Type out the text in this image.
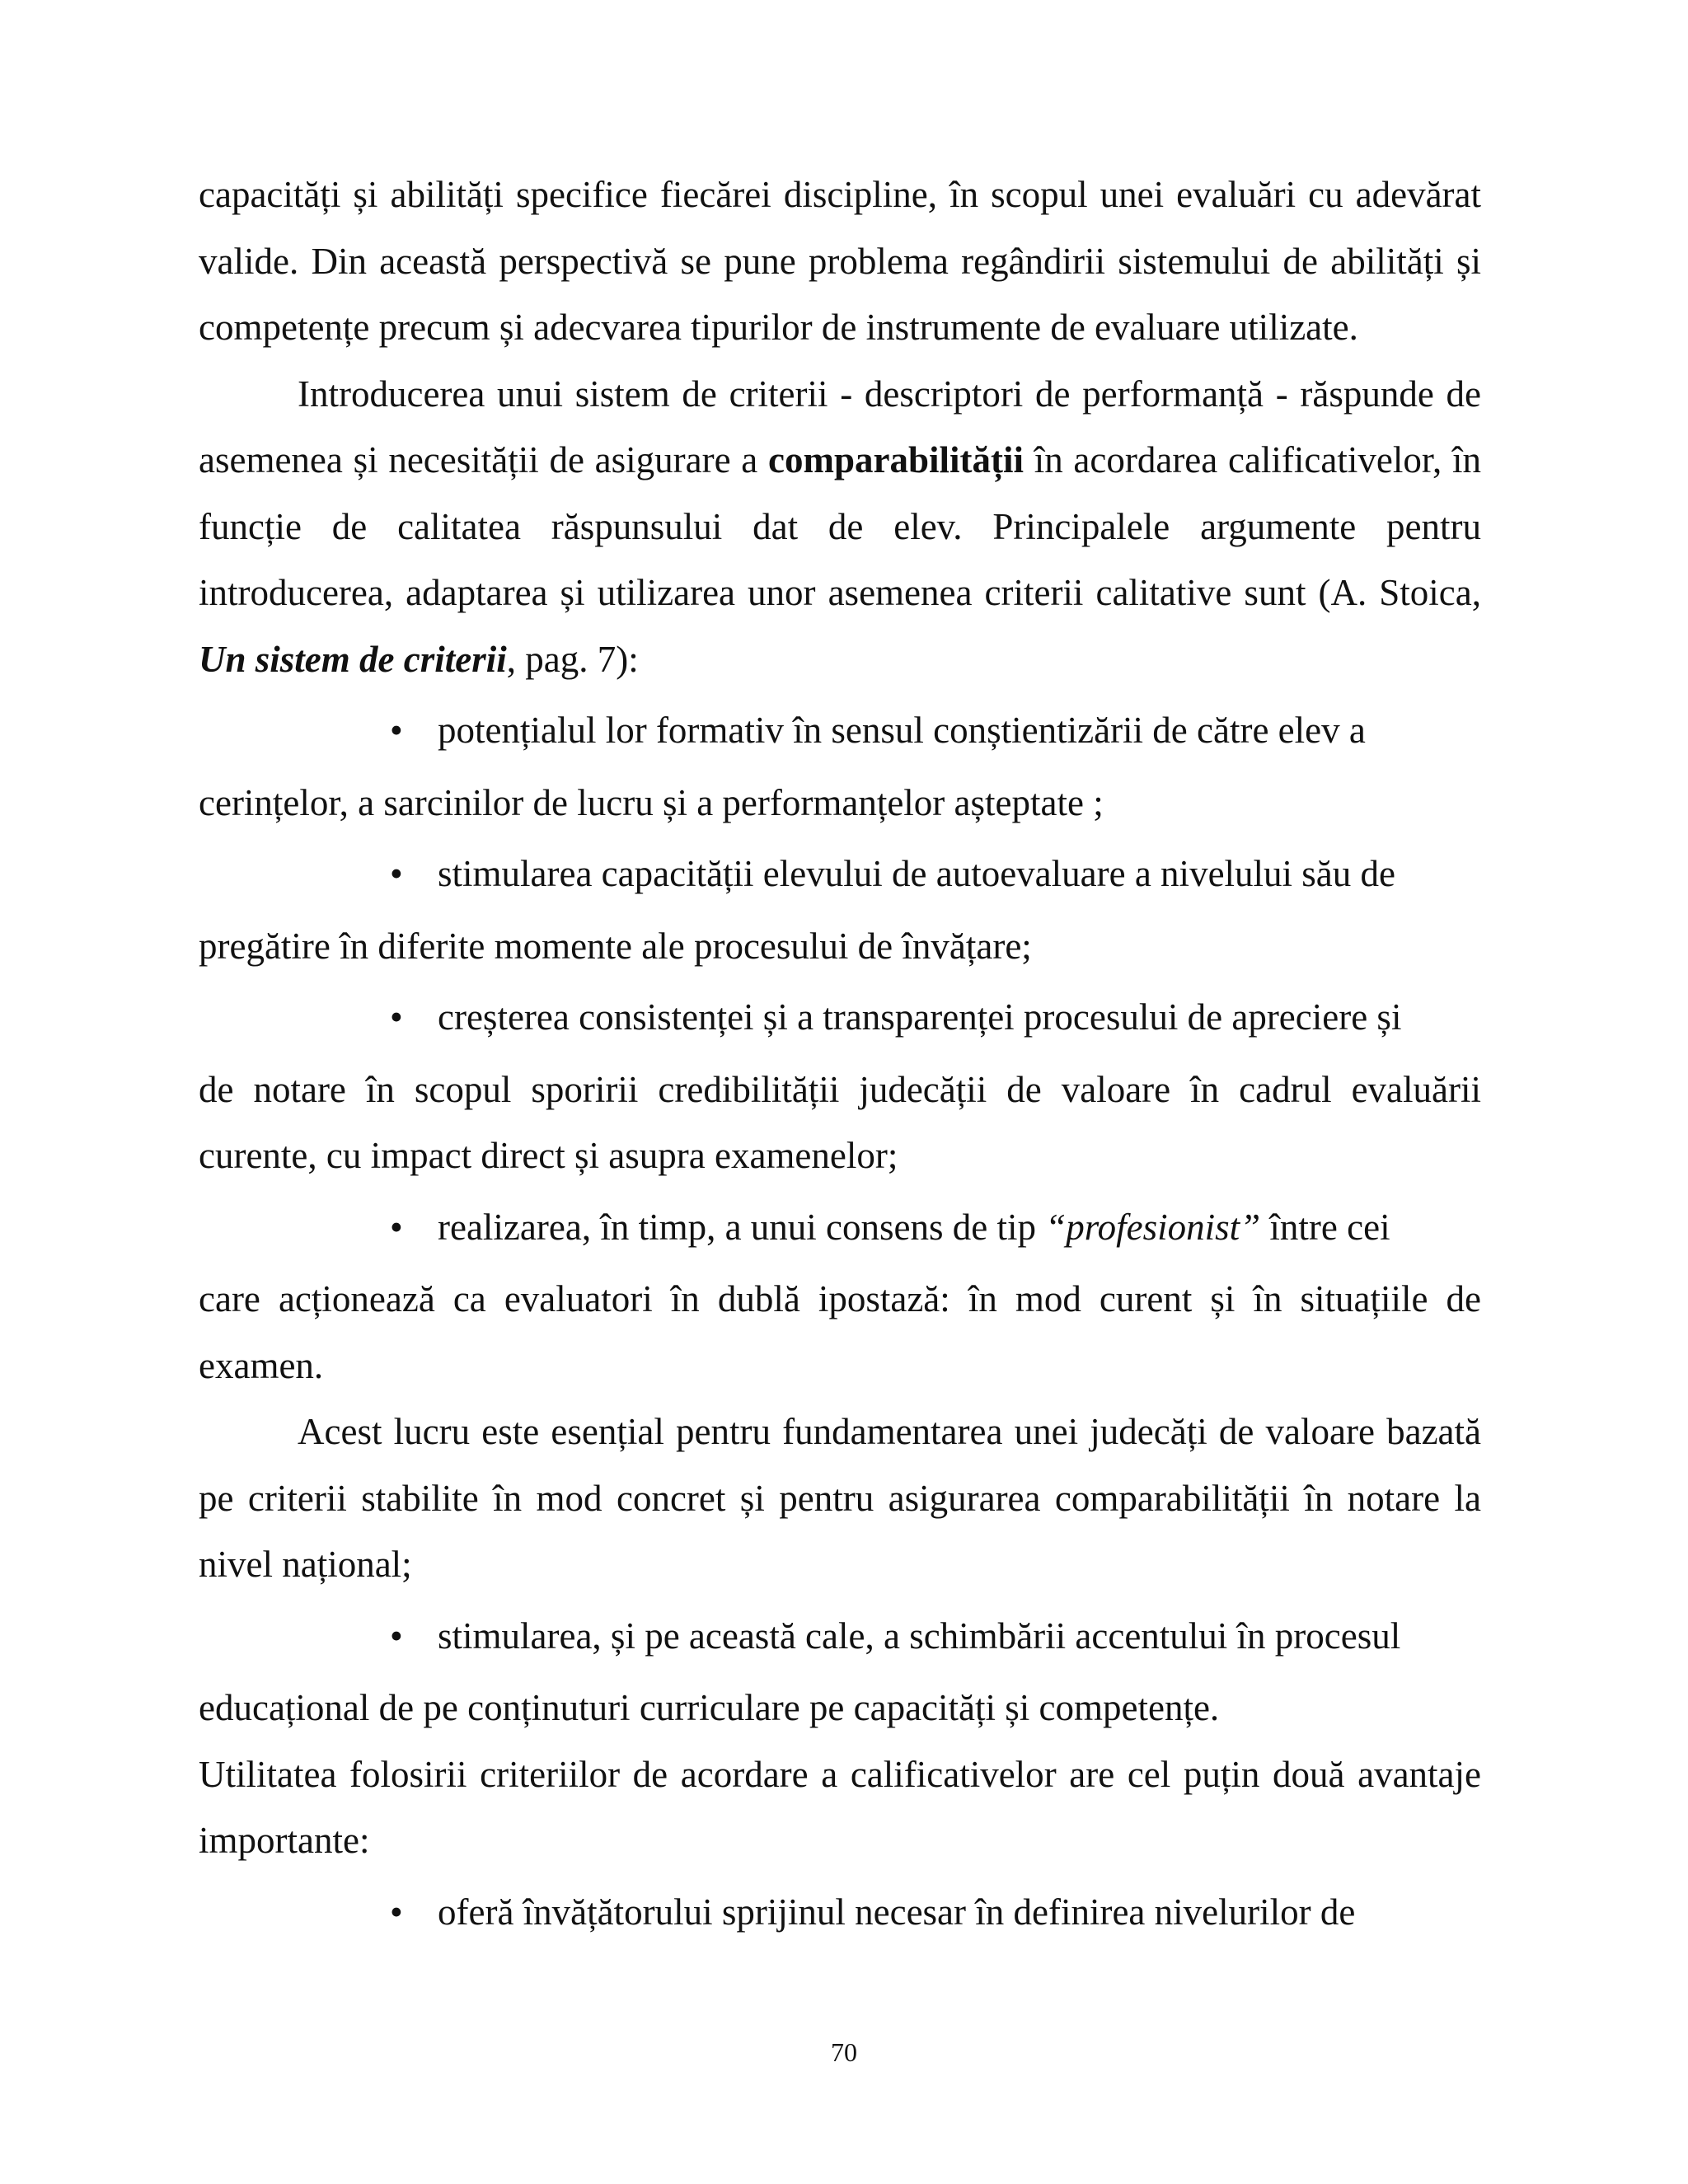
capacități și abilități specifice fiecărei discipline, în scopul unei evaluări cu adevărat valide. Din această perspectivă se pune problema regândirii sistemului de abilități și competențe precum și adecvarea tipurilor de instrumente de evaluare utilizate.

Introducerea unui sistem de criterii - descriptori de performanță - răspunde de asemenea și necesității de asigurare a comparabilității în acordarea calificativelor, în funcție de calitatea răspunsului dat de elev. Principalele argumente pentru introducerea, adaptarea și utilizarea unor asemenea criterii calitative sunt (A. Stoica, Un sistem de criterii, pag. 7):

• potențialul lor formativ în sensul conștientizării de către elev a

cerințelor, a sarcinilor de lucru și a performanțelor așteptate ;

• stimularea capacității elevului de autoevaluare a nivelului său de

pregătire în diferite momente ale procesului de învățare;

• creșterea consistenței și a transparenței procesului de apreciere și

de notare în scopul sporirii credibilității judecății de valoare în cadrul evaluării curente, cu impact direct și asupra examenelor;

• realizarea, în timp, a unui consens de tip “profesionist” între cei

care acționează ca evaluatori în dublă ipostază: în mod curent și în situațiile de examen.

Acest lucru este esențial pentru fundamentarea unei judecăți de valoare bazată pe criterii stabilite în mod concret și pentru asigurarea comparabilității în notare la nivel național;

• stimularea, și pe această cale, a schimbării accentului în procesul

educațional de pe conținuturi curriculare pe capacități și competențe.

Utilitatea folosirii criteriilor de acordare a calificativelor are cel puțin două avantaje importante:

• oferă învățătorului sprijinul necesar în definirea nivelurilor de

70
